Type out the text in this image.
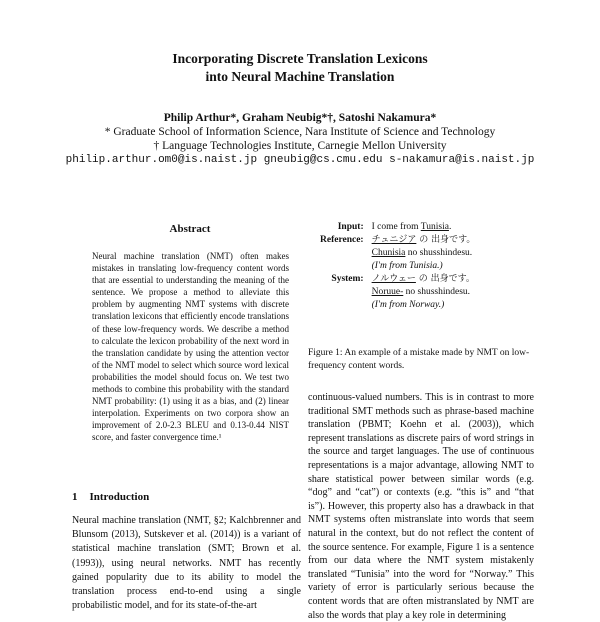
Incorporating Discrete Translation Lexicons
into Neural Machine Translation
Philip Arthur*, Graham Neubig*†, Satoshi Nakamura*
* Graduate School of Information Science, Nara Institute of Science and Technology
† Language Technologies Institute, Carnegie Mellon University
philip.arthur.om0@is.naist.jp gneubig@cs.cmu.edu s-nakamura@is.naist.jp
Abstract
Neural machine translation (NMT) often makes mistakes in translating low-frequency content words that are essential to understanding the meaning of the sentence. We propose a method to alleviate this problem by augmenting NMT systems with discrete translation lexicons that efficiently encode translations of these low-frequency words. We describe a method to calculate the lexicon probability of the next word in the translation candidate by using the attention vector of the NMT model to select which source word lexical probabilities the model should focus on. We test two methods to combine this probability with the standard NMT probability: (1) using it as a bias, and (2) linear interpolation. Experiments on two corpora show an improvement of 2.0-2.3 BLEU and 0.13-0.44 NIST score, and faster convergence time.¹
1 Introduction
Neural machine translation (NMT, §2; Kalchbrenner and Blunsom (2013), Sutskever et al. (2014)) is a variant of statistical machine translation (SMT; Brown et al. (1993)), using neural networks. NMT has recently gained popularity due to its ability to model the translation process end-to-end using a single probabilistic model, and for its state-of-the-art
Input:	I come from Tunisia.
Reference:	チュニジア の 出身です。
	Chunisia no shusshindesu.
	(I'm from Tunisia.)
System:	ノルウェー の 出身です。
	Noruue- no shusshindesu.
	(I'm from Norway.)
Figure 1: An example of a mistake made by NMT on low-frequency content words.
continuous-valued numbers. This is in contrast to more traditional SMT methods such as phrase-based machine translation (PBMT; Koehn et al. (2003)), which represent translations as discrete pairs of word strings in the source and target languages. The use of continuous representations is a major advantage, allowing NMT to share statistical power between similar words (e.g. “dog” and “cat”) or contexts (e.g. “this is” and “that is”). However, this property also has a drawback in that NMT systems often mistranslate into words that seem natural in the context, but do not reflect the content of the source sentence. For example, Figure 1 is a sentence from our data where the NMT system mistakenly translated “Tunisia” into the word for “Norway.” This variety of error is particularly serious because the content words that are often mistranslated by NMT are also the words that play a key role in determining
